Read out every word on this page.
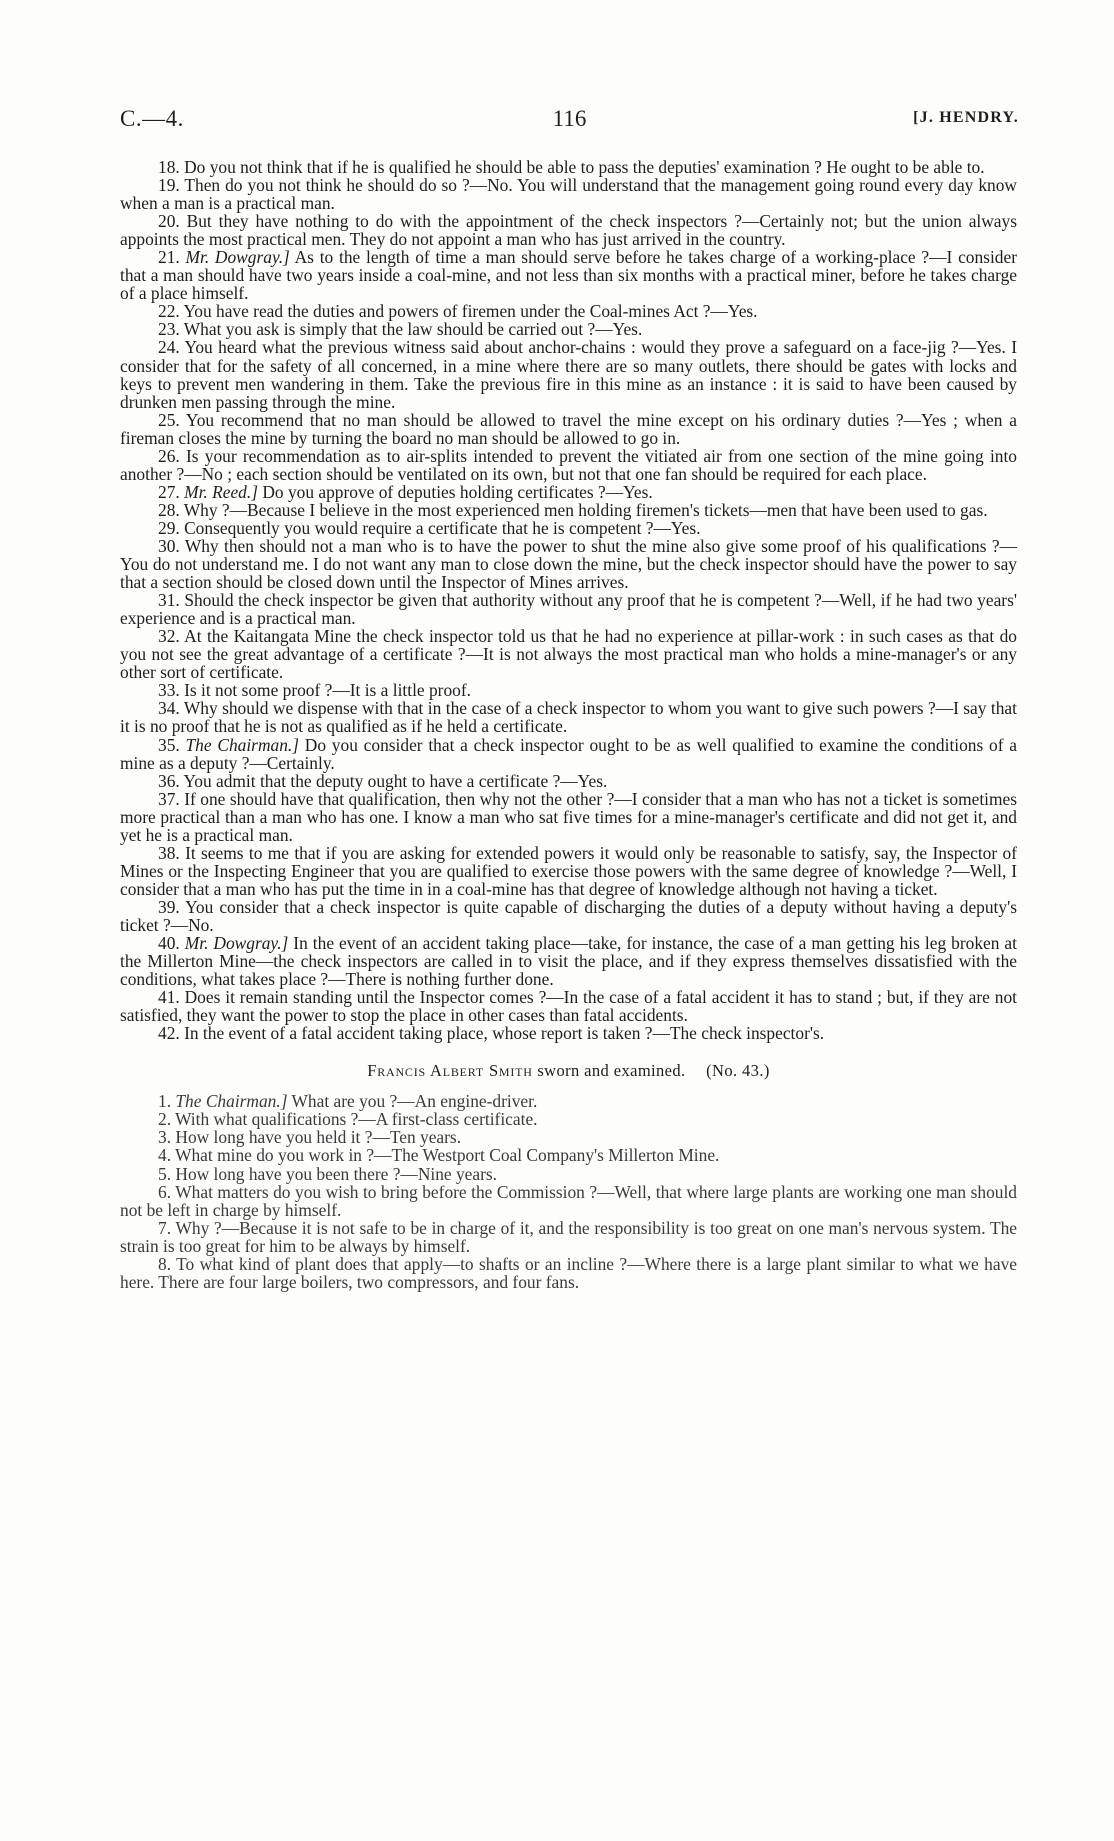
C.—4.	116	[J. HENDRY.

18. Do you not think that if he is qualified he should be able to pass the deputies' examination ? He ought to be able to.

19. Then do you not think he should do so ?—No. You will understand that the management going round every day know when a man is a practical man.

20. But they have nothing to do with the appointment of the check inspectors ?—Certainly not; but the union always appoints the most practical men. They do not appoint a man who has just arrived in the country.

21. Mr. Dowgray.] As to the length of time a man should serve before he takes charge of a working-place ?—I consider that a man should have two years inside a coal-mine, and not less than six months with a practical miner, before he takes charge of a place himself.

22. You have read the duties and powers of firemen under the Coal-mines Act ?—Yes.

23. What you ask is simply that the law should be carried out ?—Yes.

24. You heard what the previous witness said about anchor-chains : would they prove a safeguard on a face-jig ?—Yes. I consider that for the safety of all concerned, in a mine where there are so many outlets, there should be gates with locks and keys to prevent men wandering in them. Take the previous fire in this mine as an instance : it is said to have been caused by drunken men passing through the mine.

25. You recommend that no man should be allowed to travel the mine except on his ordinary duties ?—Yes ; when a fireman closes the mine by turning the board no man should be allowed to go in.

26. Is your recommendation as to air-splits intended to prevent the vitiated air from one section of the mine going into another ?—No ; each section should be ventilated on its own, but not that one fan should be required for each place.

27. Mr. Reed.] Do you approve of deputies holding certificates ?—Yes.

28. Why ?—Because I believe in the most experienced men holding firemen's tickets—men that have been used to gas.

29. Consequently you would require a certificate that he is competent ?—Yes.

30. Why then should not a man who is to have the power to shut the mine also give some proof of his qualifications ?—You do not understand me. I do not want any man to close down the mine, but the check inspector should have the power to say that a section should be closed down until the Inspector of Mines arrives.

31. Should the check inspector be given that authority without any proof that he is competent ?—Well, if he had two years' experience and is a practical man.

32. At the Kaitangata Mine the check inspector told us that he had no experience at pillar-work : in such cases as that do you not see the great advantage of a certificate ?—It is not always the most practical man who holds a mine-manager's or any other sort of certificate.

33. Is it not some proof ?—It is a little proof.

34. Why should we dispense with that in the case of a check inspector to whom you want to give such powers ?—I say that it is no proof that he is not as qualified as if he held a certificate.

35. The Chairman.] Do you consider that a check inspector ought to be as well qualified to examine the conditions of a mine as a deputy ?—Certainly.

36. You admit that the deputy ought to have a certificate ?—Yes.

37. If one should have that qualification, then why not the other ?—I consider that a man who has not a ticket is sometimes more practical than a man who has one. I know a man who sat five times for a mine-manager's certificate and did not get it, and yet he is a practical man.

38. It seems to me that if you are asking for extended powers it would only be reasonable to satisfy, say, the Inspector of Mines or the Inspecting Engineer that you are qualified to exercise those powers with the same degree of knowledge ?—Well, I consider that a man who has put the time in in a coal-mine has that degree of knowledge although not having a ticket.

39. You consider that a check inspector is quite capable of discharging the duties of a deputy without having a deputy's ticket ?—No.

40. Mr. Dowgray.] In the event of an accident taking place—take, for instance, the case of a man getting his leg broken at the Millerton Mine—the check inspectors are called in to visit the place, and if they express themselves dissatisfied with the conditions, what takes place ?—There is nothing further done.

41. Does it remain standing until the Inspector comes ?—In the case of a fatal accident it has to stand ; but, if they are not satisfied, they want the power to stop the place in other cases than fatal accidents.

42. In the event of a fatal accident taking place, whose report is taken ?—The check inspector's.

Francis Albert Smith sworn and examined. (No. 43.)

1. The Chairman.] What are you ?—An engine-driver.

2. With what qualifications ?—A first-class certificate.

3. How long have you held it ?—Ten years.

4. What mine do you work in ?—The Westport Coal Company's Millerton Mine.

5. How long have you been there ?—Nine years.

6. What matters do you wish to bring before the Commission ?—Well, that where large plants are working one man should not be left in charge by himself.

7. Why ?—Because it is not safe to be in charge of it, and the responsibility is too great on one man's nervous system. The strain is too great for him to be always by himself.

8. To what kind of plant does that apply—to shafts or an incline ?—Where there is a large plant similar to what we have here. There are four large boilers, two compressors, and four fans.
